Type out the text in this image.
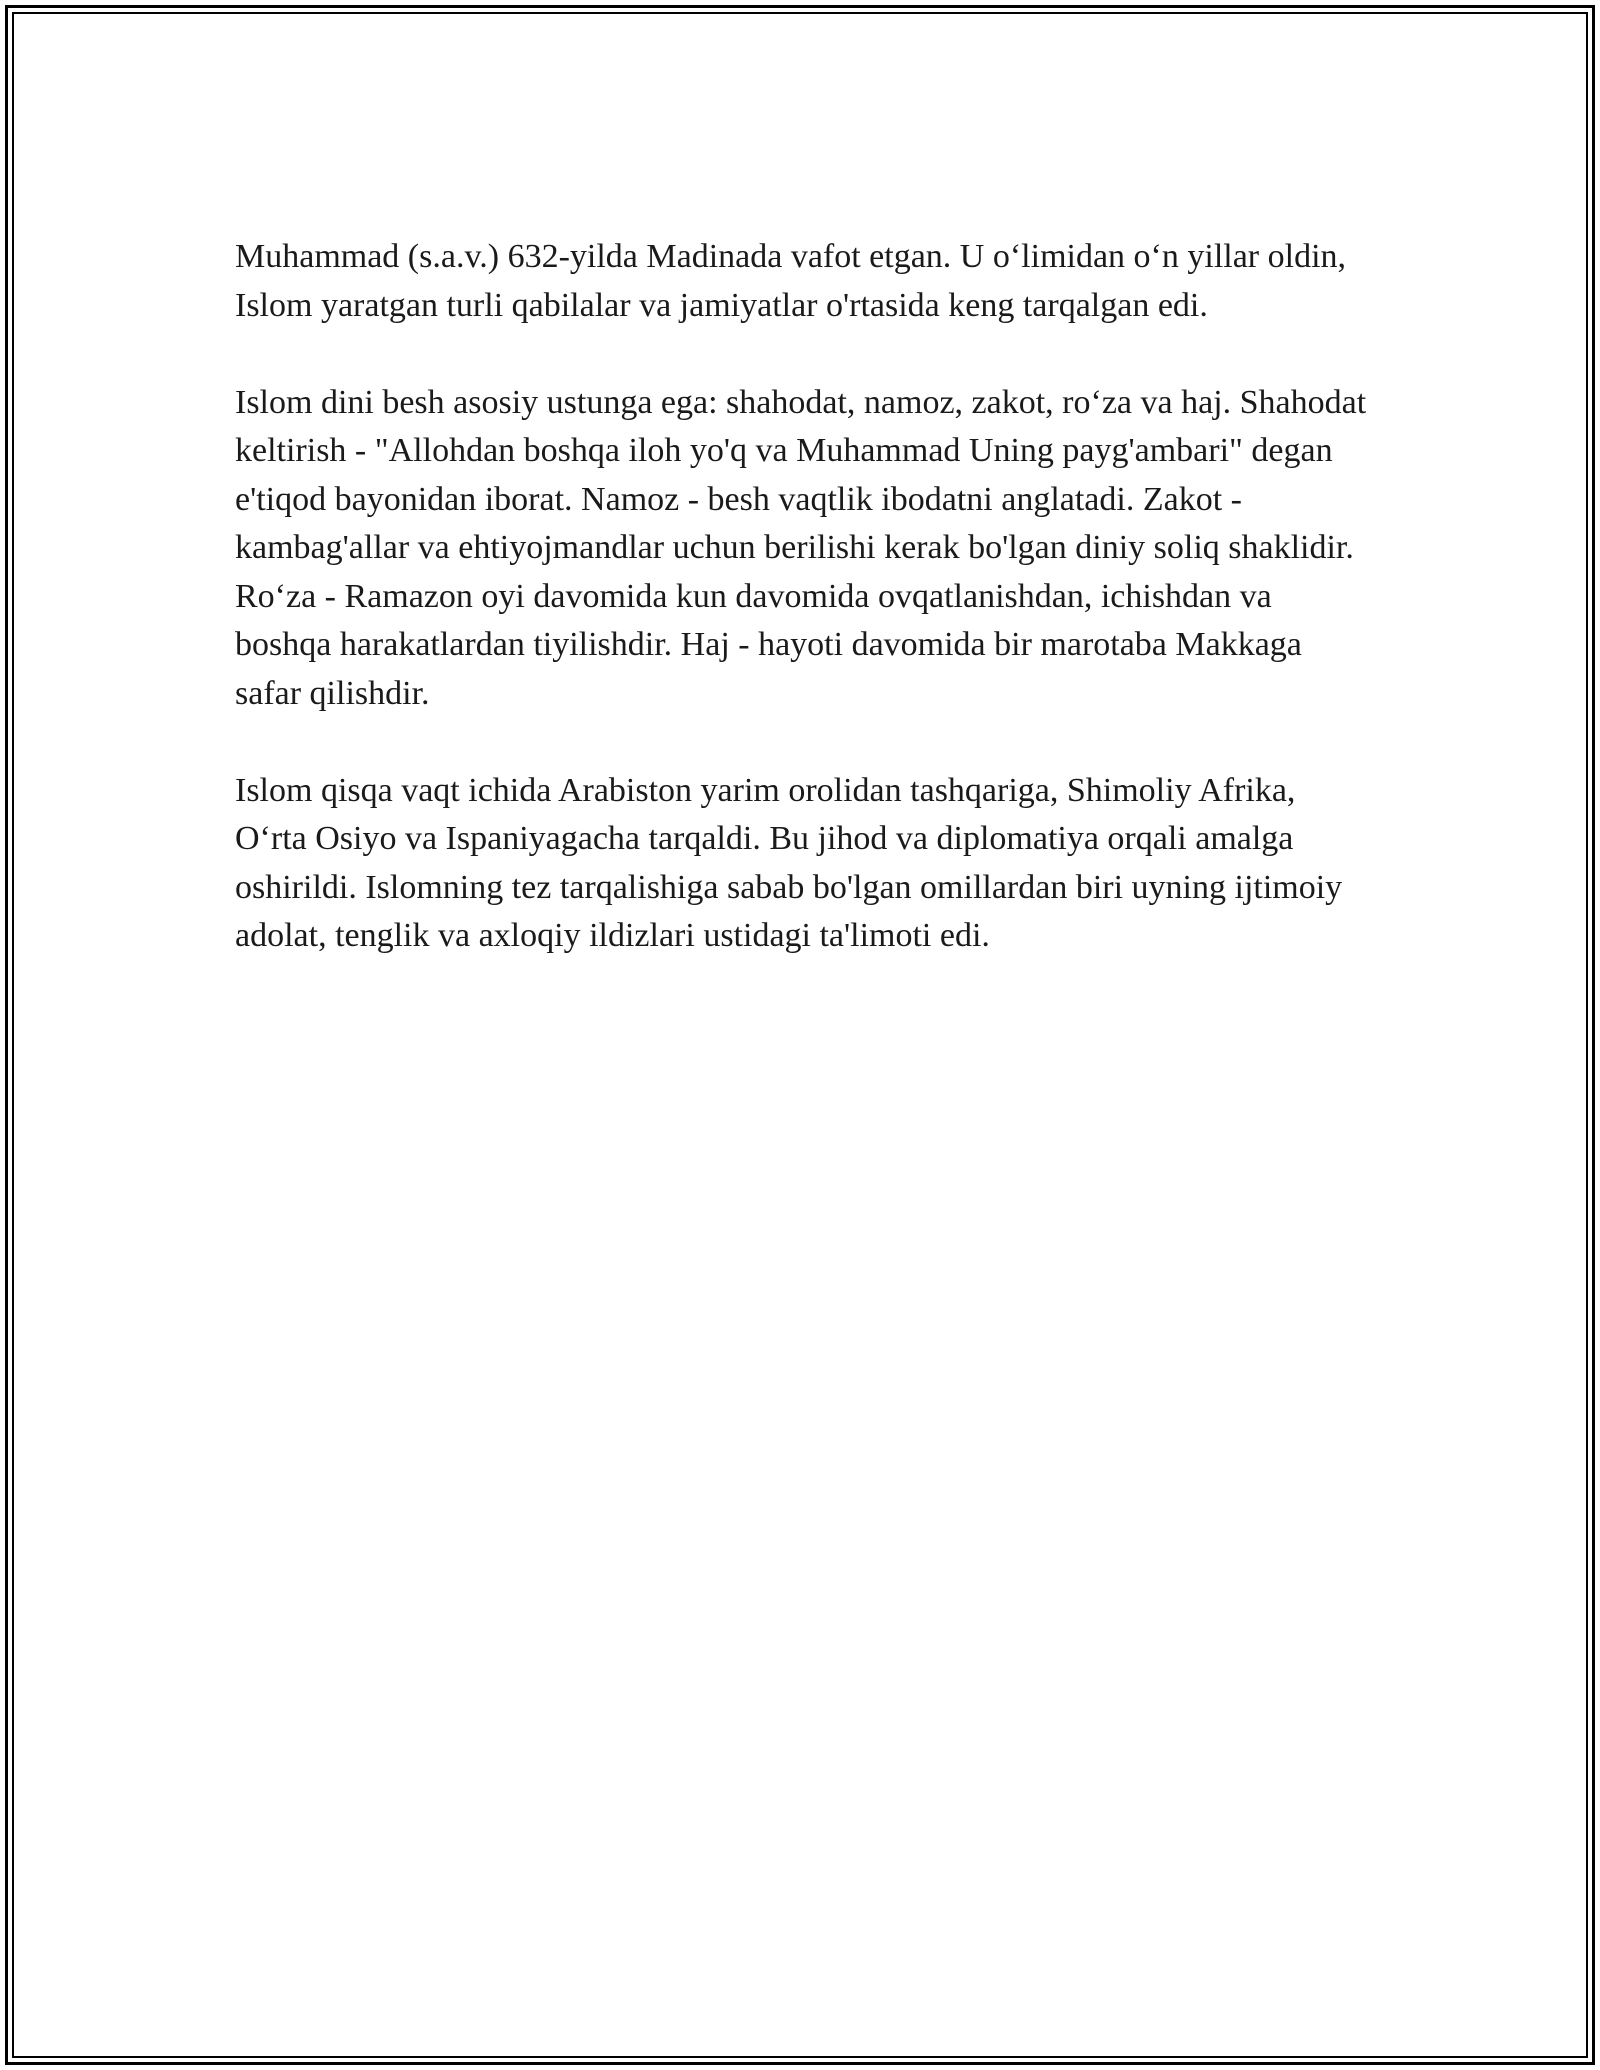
Muhammad (s.a.v.) 632-yilda Madinada vafot etgan. U o‘limidan o‘n yillar oldin, Islom yaratgan turli qabilalar va jamiyatlar o'rtasida keng tarqalgan edi.

Islom dini besh asosiy ustunga ega: shahodat, namoz, zakot, ro‘za va haj. Shahodat keltirish - "Allohdan boshqa iloh yo'q va Muhammad Uning payg'ambari" degan e'tiqod bayonidan iborat. Namoz - besh vaqtlik ibodatni anglatadi. Zakot - kambag'allar va ehtiyojmandlar uchun berilishi kerak bo'lgan diniy soliq shaklidir. Ro‘za - Ramazon oyi davomida kun davomida ovqatlanishdan, ichishdan va boshqa harakatlardan tiyilishdir. Haj - hayoti davomida bir marotaba Makkaga safar qilishdir.

Islom qisqa vaqt ichida Arabiston yarim orolidan tashqariga, Shimoliy Afrika, O‘rta Osiyo va Ispaniyagacha tarqaldi. Bu jihod va diplomatiya orqali amalga oshirildi. Islomning tez tarqalishiga sabab bo'lgan omillardan biri uyning ijtimoiy adolat, tenglik va axloqiy ildizlari ustidagi ta'limoti edi.
